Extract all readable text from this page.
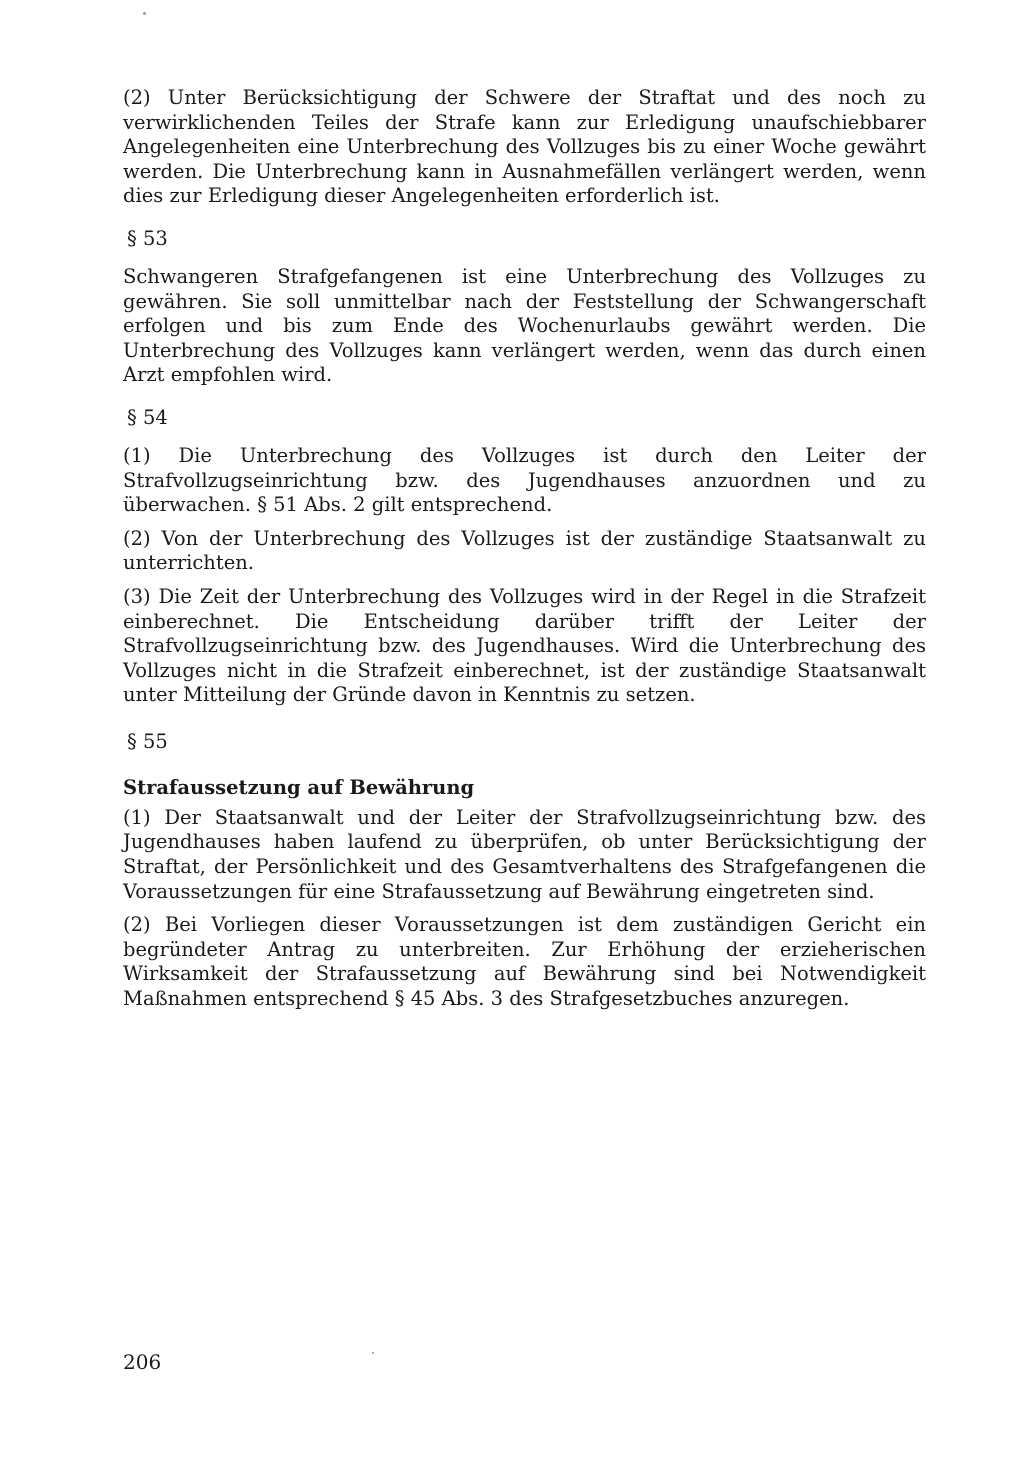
(2) Unter Berücksichtigung der Schwere der Straftat und des noch zu verwirklichenden Teiles der Strafe kann zur Erledigung unaufschiebbarer Angelegenheiten eine Unterbrechung des Vollzuges bis zu einer Woche gewährt werden. Die Unterbrechung kann in Ausnahmefällen verlängert werden, wenn dies zur Erledigung dieser Angelegenheiten erforderlich ist.

§ 53

Schwangeren Strafgefangenen ist eine Unterbrechung des Vollzuges zu gewähren. Sie soll unmittelbar nach der Feststellung der Schwangerschaft erfolgen und bis zum Ende des Wochenurlaubs gewährt werden. Die Unterbrechung des Vollzuges kann verlängert werden, wenn das durch einen Arzt empfohlen wird.

§ 54

(1) Die Unterbrechung des Vollzuges ist durch den Leiter der Strafvollzugseinrichtung bzw. des Jugendhauses anzuordnen und zu überwachen. § 51 Abs. 2 gilt entsprechend.

(2) Von der Unterbrechung des Vollzuges ist der zuständige Staatsanwalt zu unterrichten.

(3) Die Zeit der Unterbrechung des Vollzuges wird in der Regel in die Strafzeit einberechnet. Die Entscheidung darüber trifft der Leiter der Strafvollzugseinrichtung bzw. des Jugendhauses. Wird die Unterbrechung des Vollzuges nicht in die Strafzeit einberechnet, ist der zuständige Staatsanwalt unter Mitteilung der Gründe davon in Kenntnis zu setzen.

§ 55
Strafaussetzung auf Bewährung

(1) Der Staatsanwalt und der Leiter der Strafvollzugseinrichtung bzw. des Jugendhauses haben laufend zu überprüfen, ob unter Berücksichtigung der Straftat, der Persönlichkeit und des Gesamtverhaltens des Strafgefangenen die Voraussetzungen für eine Strafaussetzung auf Bewährung eingetreten sind.

(2) Bei Vorliegen dieser Voraussetzungen ist dem zuständigen Gericht ein begründeter Antrag zu unterbreiten. Zur Erhöhung der erzieherischen Wirksamkeit der Strafaussetzung auf Bewährung sind bei Notwendigkeit Maßnahmen entsprechend § 45 Abs. 3 des Strafgesetzbuches anzuregen.

206
